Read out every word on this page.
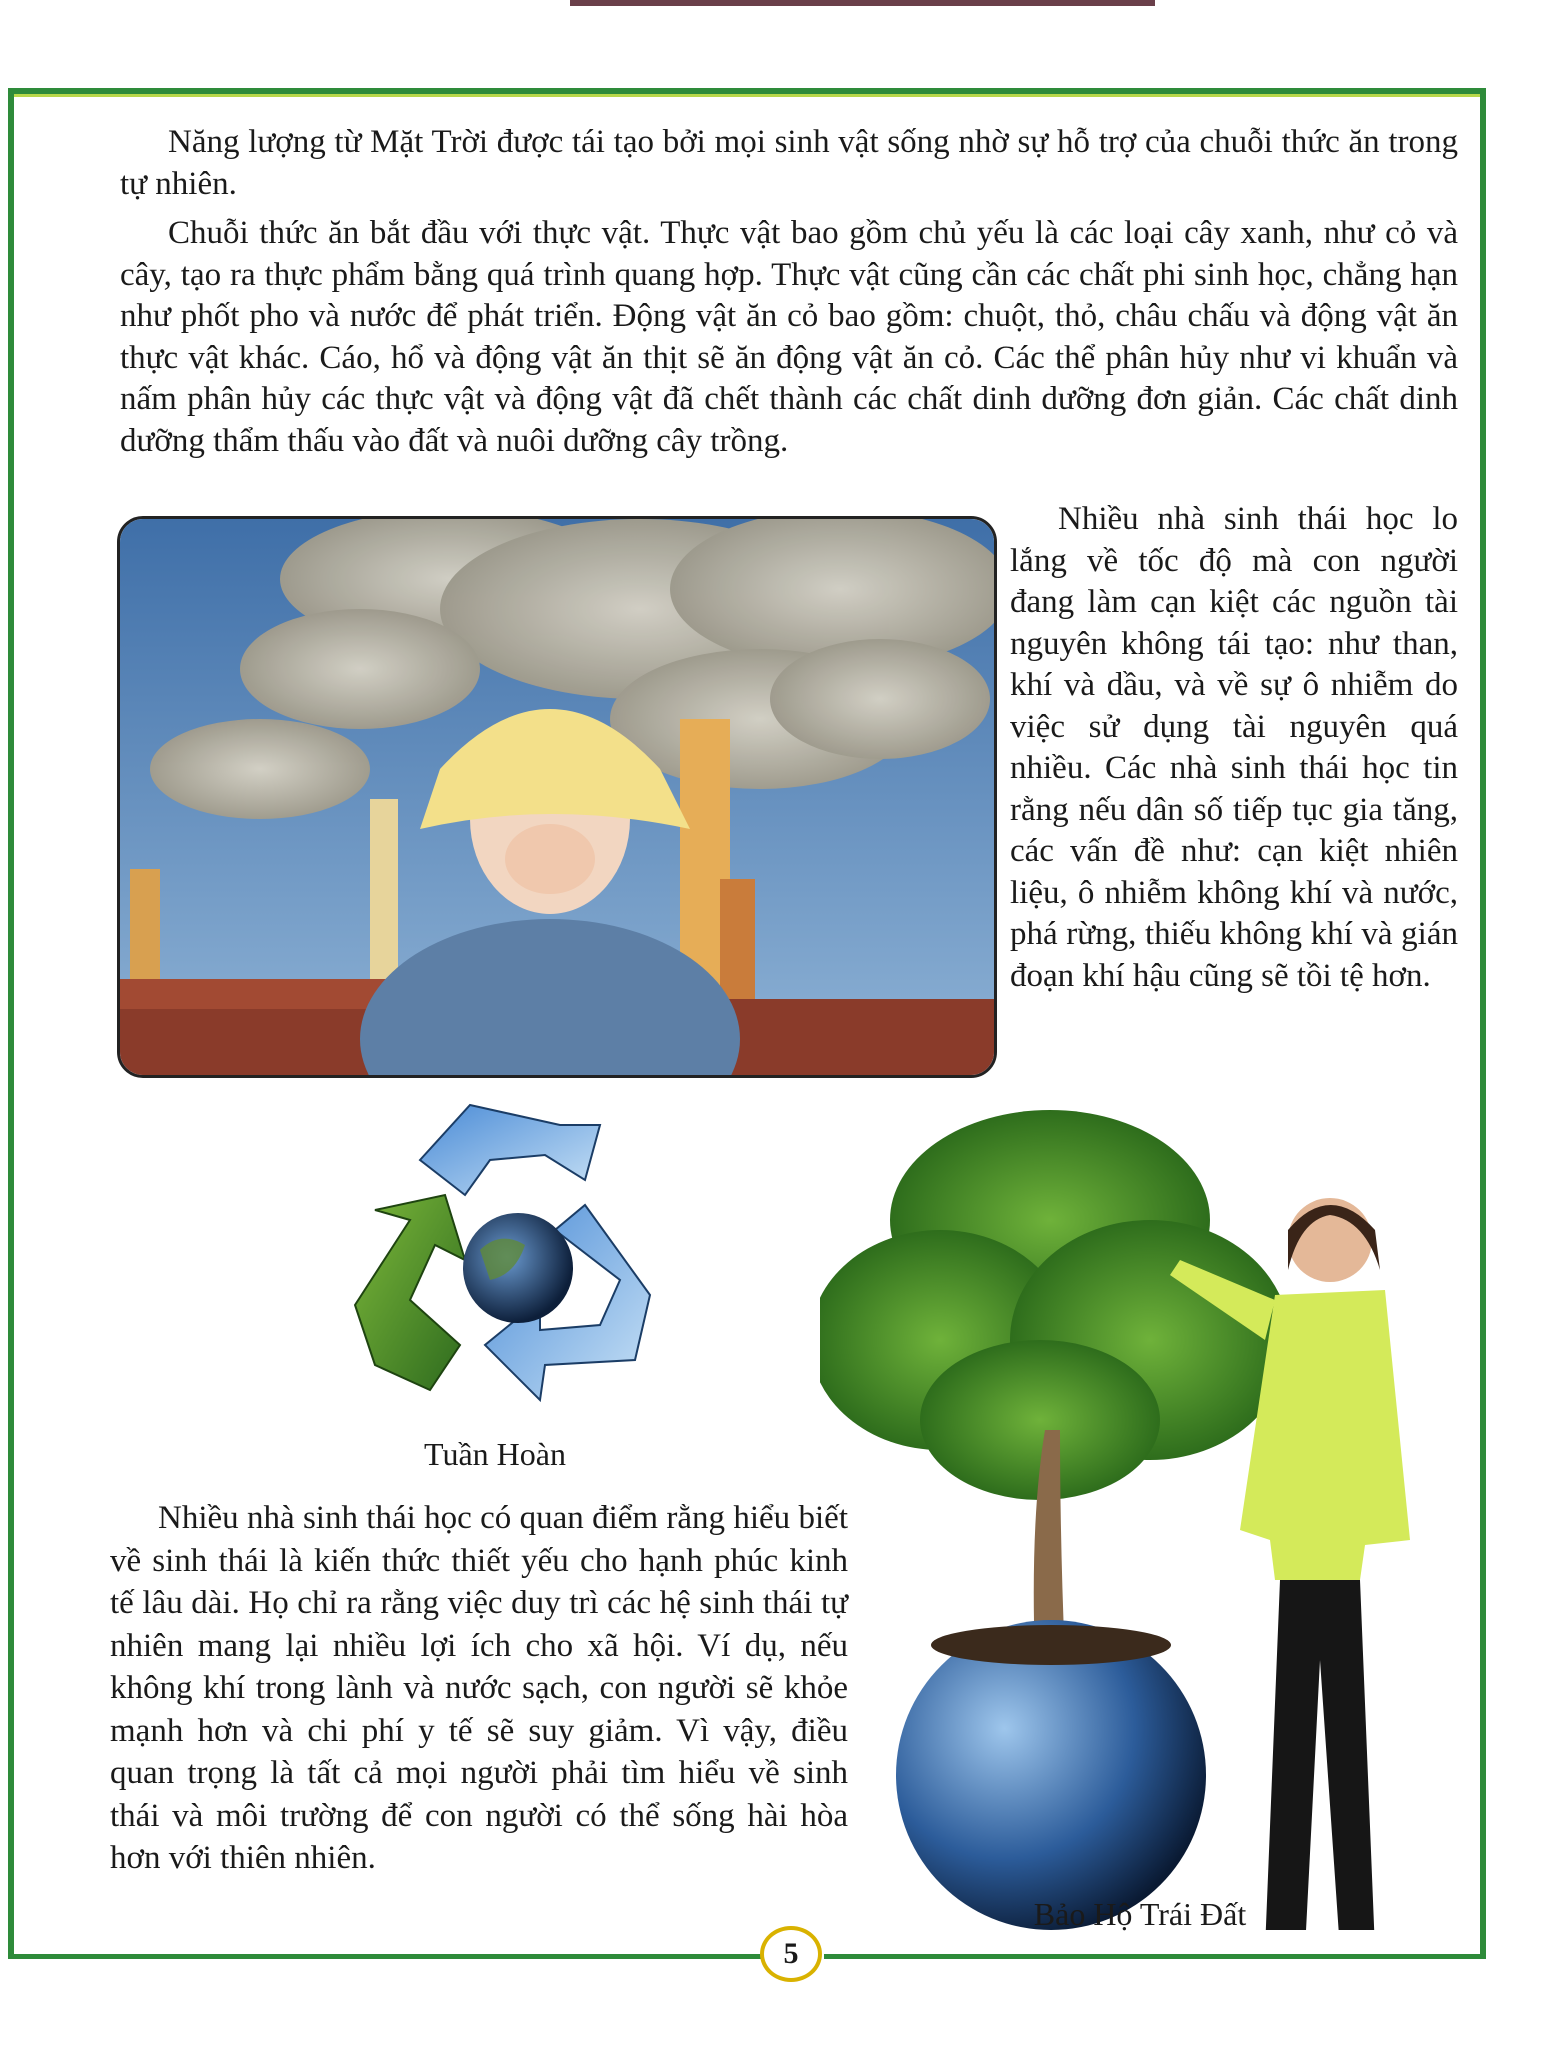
Năng lượng từ Mặt Trời được tái tạo bởi mọi sinh vật sống nhờ sự hỗ trợ của chuỗi thức ăn trong tự nhiên.

Chuỗi thức ăn bắt đầu với thực vật. Thực vật bao gồm chủ yếu là các loại cây xanh, như cỏ và cây, tạo ra thực phẩm bằng quá trình quang hợp. Thực vật cũng cần các chất phi sinh học, chẳng hạn như phốt pho và nước để phát triển. Động vật ăn cỏ bao gồm: chuột, thỏ, châu chấu và động vật ăn thực vật khác. Cáo, hổ và động vật ăn thịt sẽ ăn động vật ăn cỏ. Các thể phân hủy như vi khuẩn và nấm phân hủy các thực vật và động vật đã chết thành các chất dinh dưỡng đơn giản. Các chất dinh dưỡng thẩm thấu vào đất và nuôi dưỡng cây trồng.

Nhiều nhà sinh thái học lo lắng về tốc độ mà con người đang làm cạn kiệt các nguồn tài nguyên không tái tạo: như than, khí và dầu, và về sự ô nhiễm do việc sử dụng tài nguyên quá nhiều. Các nhà sinh thái học tin rằng nếu dân số tiếp tục gia tăng, các vấn đề như: cạn kiệt nhiên liệu, ô nhiễm không khí và nước, phá rừng, thiếu không khí và gián đoạn khí hậu cũng sẽ tồi tệ hơn.

Tuần Hoàn

Nhiều nhà sinh thái học có quan điểm rằng hiểu biết về sinh thái là kiến thức thiết yếu cho hạnh phúc kinh tế lâu dài. Họ chỉ ra rằng việc duy trì các hệ sinh thái tự nhiên mang lại nhiều lợi ích cho xã hội. Ví dụ, nếu không khí trong lành và nước sạch, con người sẽ khỏe mạnh hơn và chi phí y tế sẽ suy giảm. Vì vậy, điều quan trọng là tất cả mọi người phải tìm hiểu về sinh thái và môi trường để con người có thể sống hài hòa hơn với thiên nhiên.

Bảo Hộ Trái Đất
5
